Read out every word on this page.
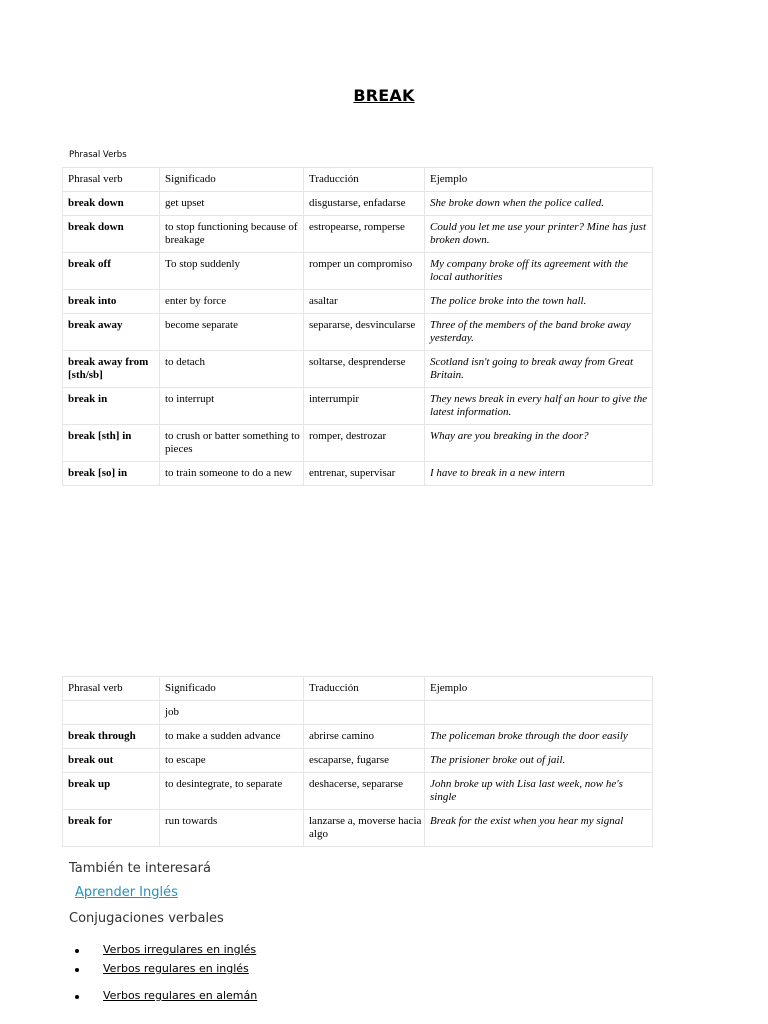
BREAK
Phrasal Verbs
Phrasal verb	Significado	Traducción	Ejemplo
break down	get upset	disgustarse, enfadarse	She broke down when the police called.
break down	to stop functioning because of breakage	estropearse, romperse	Could you let me use your printer? Mine has just broken down.
break off	To stop suddenly	romper un compromiso	My company broke off its agreement with the local authorities
break into	enter by force	asaltar	The police broke into the town hall.
break away	become separate	separarse, desvincularse	Three of the members of the band broke away yesterday.
break away from [sth/sb]	to detach	soltarse, desprenderse	Scotland isn't going to break away from Great Britain.
break in	to interrupt	interrumpir	They news break in every half an hour to give the latest information.
break [sth] in	to crush or batter something to pieces	romper, destrozar	Whay are you breaking in the door?
break [so] in	to train someone to do a new	entrenar, supervisar	I have to break in a new intern
Phrasal verb	Significado	Traducción	Ejemplo
	job		
break through	to make a sudden advance	abrirse camino	The policeman broke through the door easily
break out	to escape	escaparse, fugarse	The prisioner broke out of jail.
break up	to desintegrate, to separate	deshacerse, separarse	John broke up with Lisa last week, now he's single
break for	run towards	lanzarse a, moverse hacia algo	Break for the exist when you hear my signal
También te interesará
Aprender Inglés
Conjugaciones verbales
Verbos irregulares en inglés
Verbos regulares en inglés
Verbos regulares en alemán
